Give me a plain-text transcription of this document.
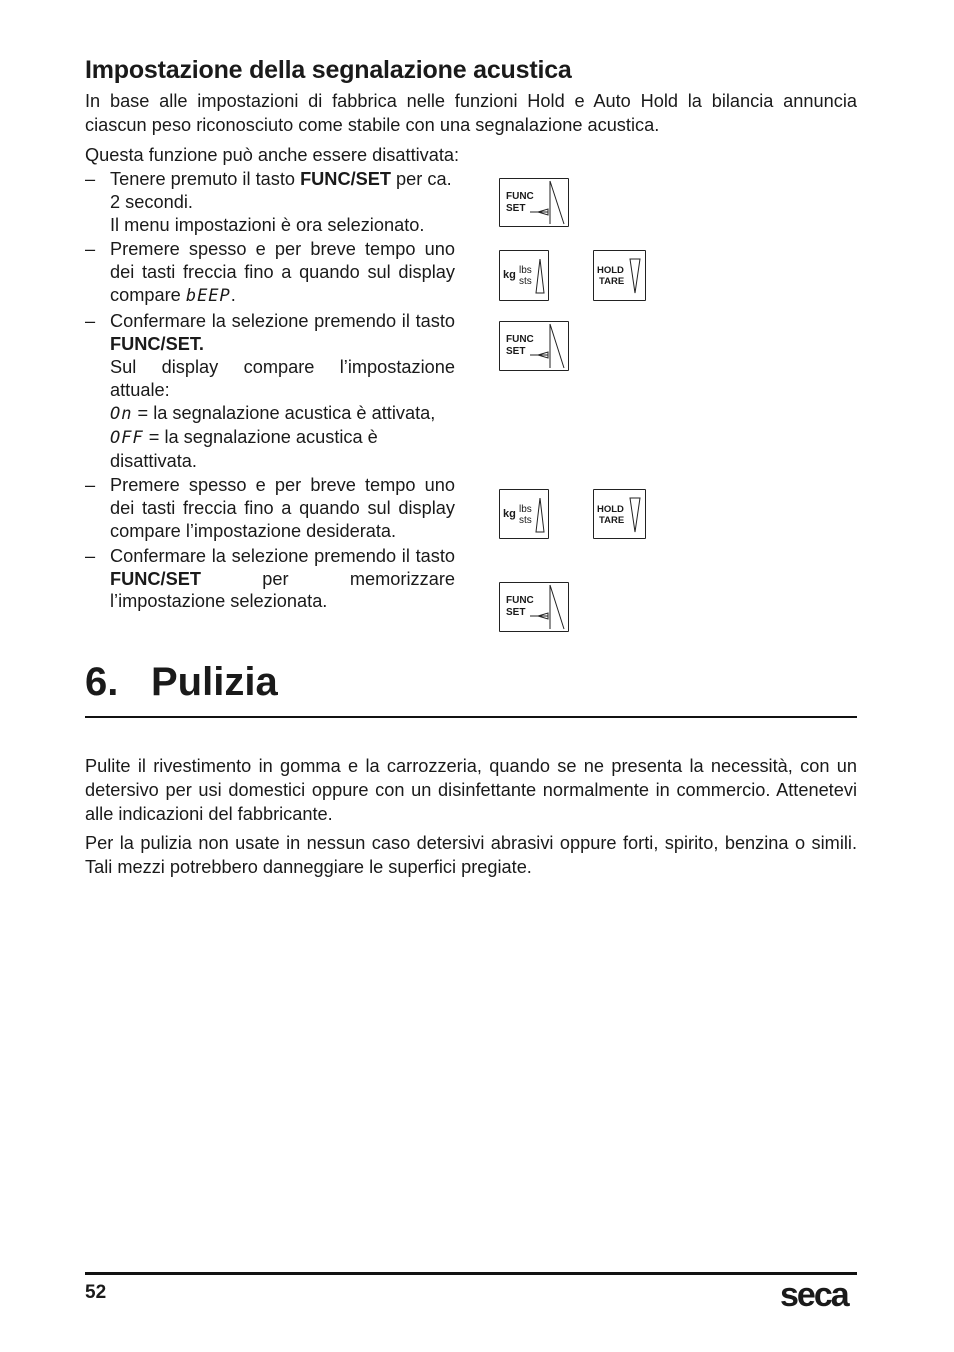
Impostazione della segnalazione acustica
In base alle impostazioni di fabbrica nelle funzioni Hold e Auto Hold la bilancia annuncia ciascun peso riconosciuto come stabile con una segnalazione acustica.
Questa funzione può anche essere disattivata:
– Tenere premuto il tasto FUNC/SET per ca. 2 secondi.
Il menu impostazioni è ora selezionato.
– Premere spesso e per breve tempo uno dei tasti freccia fino a quando sul display compare bEEP.
– Confermare la selezione premendo il tasto FUNC/SET.
Sul display compare l’impostazione attuale:
On = la segnalazione acustica è attivata,
OFF = la segnalazione acustica è disattivata.
– Premere spesso e per breve tempo uno dei tasti freccia fino a quando sul display compare l’impostazione desiderata.
– Confermare la selezione premendo il tasto FUNC/SET per memorizzare l’impostazione selezionata.
FUNC
SET
kg lbs
sts
HOLD
TARE
FUNC
SET
kg lbs
sts
HOLD
TARE
FUNC
SET
6. Pulizia
Pulite il rivestimento in gomma e la carrozzeria, quando se ne presenta la necessità, con un detersivo per usi domestici oppure con un disinfettante normalmente in commercio. Attenetevi alle indicazioni del fabbricante.
Per la pulizia non usate in nessun caso detersivi abrasivi oppure forti, spirito, benzina o simili. Tali mezzi potrebbero danneggiare le superfici pregiate.
52	seca
